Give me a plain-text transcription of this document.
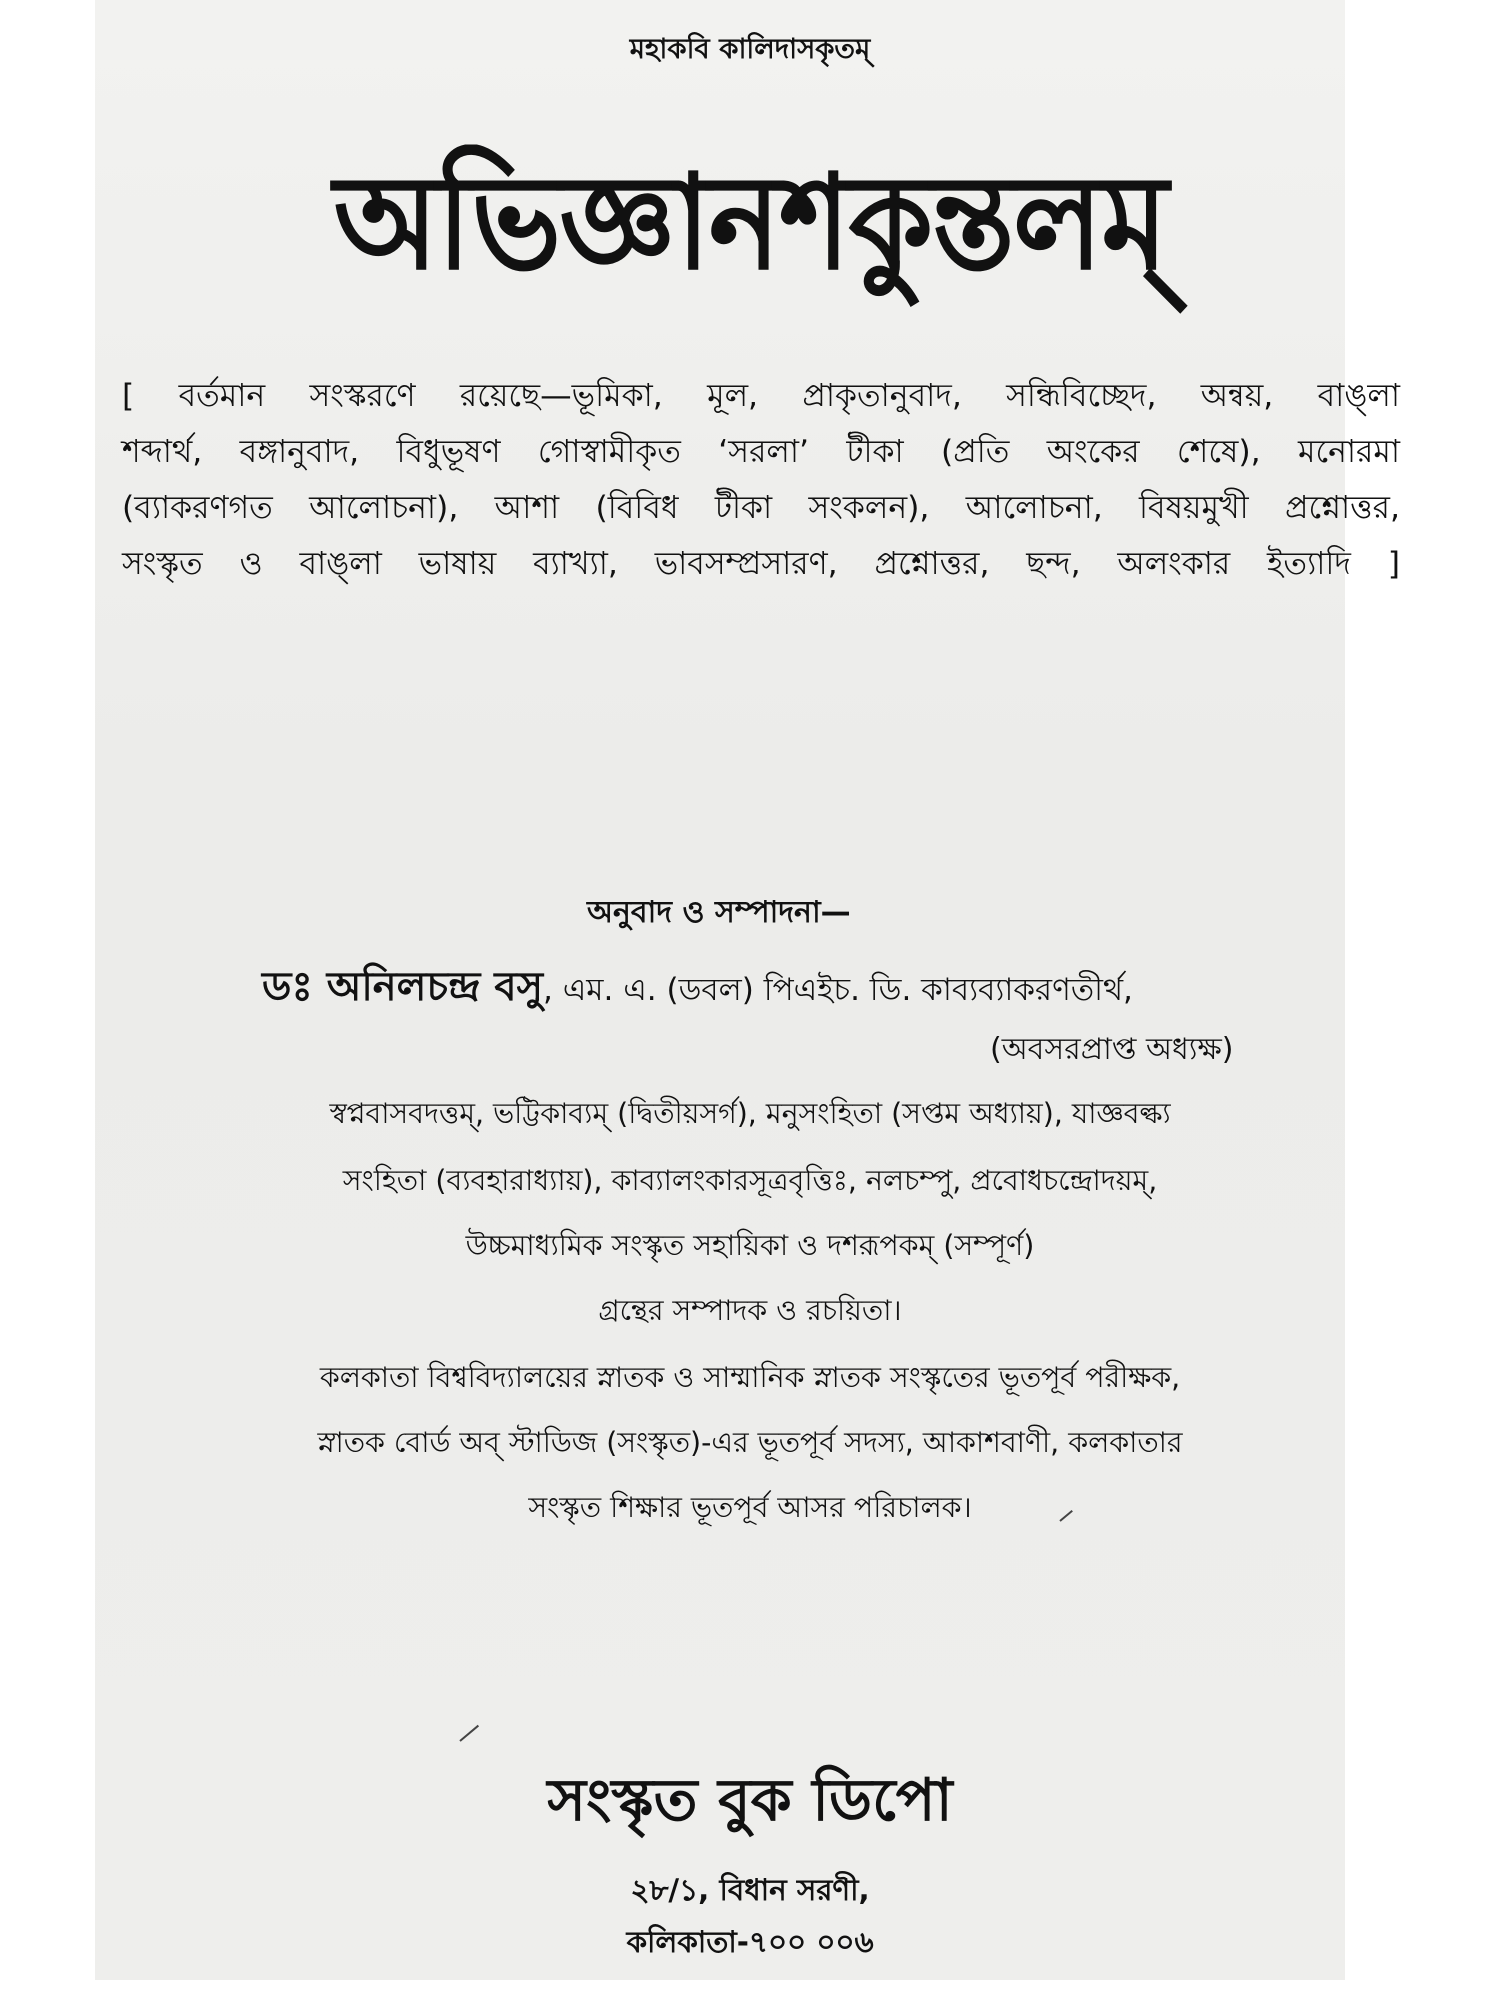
মহাকবি কালিদাসকৃতম্
অভিজ্ঞানশকুন্তলম্
[ বর্তমান সংস্করণে রয়েছে—ভূমিকা, মূল, প্রাকৃতানুবাদ, সন্ধিবিচ্ছেদ, অন্বয়, বাঙ্‌লা
শব্দার্থ, বঙ্গানুবাদ, বিধুভূষণ গোস্বামীকৃত ‘সরলা’ টীকা (প্রতি অংকের শেষে), মনোরমা
(ব্যাকরণগত আলোচনা), আশা (বিবিধ টীকা সংকলন), আলোচনা, বিষয়মুখী প্রশ্নোত্তর,
সংস্কৃত ও বাঙ্‌লা ভাষায় ব্যাখ্যা, ভাবসম্প্রসারণ, প্রশ্নোত্তর, ছন্দ, অলংকার ইত্যাদি ]
অনুবাদ ও সম্পাদনা—
ডঃ অনিলচন্দ্র বসু, এম. এ. (ডবল) পিএইচ. ডি. কাব্যব্যাকরণতীর্থ,
(অবসরপ্রাপ্ত অধ্যক্ষ)
স্বপ্নবাসবদত্তম্, ভট্টিকাব্যম্ (দ্বিতীয়সর্গ), মনুসংহিতা (সপ্তম অধ্যায়), যাজ্ঞবল্ক্য
সংহিতা (ব্যবহারাধ্যায়), কাব্যালংকারসূত্রবৃত্তিঃ, নলচম্পু, প্রবোধচন্দ্রোদয়ম্,
উচ্চমাধ্যমিক সংস্কৃত সহায়িকা ও দশরূপকম্ (সম্পূর্ণ)
গ্রন্থের সম্পাদক ও রচয়িতা।
কলকাতা বিশ্ববিদ্যালয়ের স্নাতক ও সাম্মানিক স্নাতক সংস্কৃতের ভূতপূর্ব পরীক্ষক,
স্নাতক বোর্ড অব্ স্টাডিজ (সংস্কৃত)-এর ভূতপূর্ব সদস্য, আকাশবাণী, কলকাতার
সংস্কৃত শিক্ষার ভূতপূর্ব আসর পরিচালক।
সংস্কৃত বুক ডিপো
২৮/১, বিধান সরণী,
কলিকাতা-৭০০ ০০৬
